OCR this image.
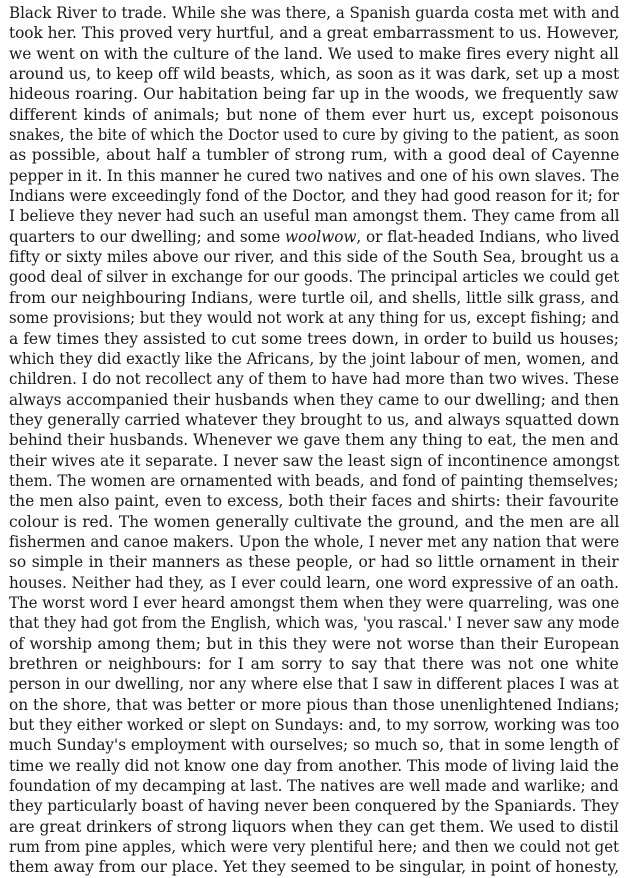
Black River to trade. While she was there, a Spanish guarda costa met with and
took her. This proved very hurtful, and a great embarrassment to us. However,
we went on with the culture of the land. We used to make fires every night all
around us, to keep off wild beasts, which, as soon as it was dark, set up a most
hideous roaring. Our habitation being far up in the woods, we frequently saw
different kinds of animals; but none of them ever hurt us, except poisonous
snakes, the bite of which the Doctor used to cure by giving to the patient, as soon
as possible, about half a tumbler of strong rum, with a good deal of Cayenne
pepper in it. In this manner he cured two natives and one of his own slaves. The
Indians were exceedingly fond of the Doctor, and they had good reason for it; for
I believe they never had such an useful man amongst them. They came from all
quarters to our dwelling; and some woolwow, or flat-headed Indians, who lived
fifty or sixty miles above our river, and this side of the South Sea, brought us a
good deal of silver in exchange for our goods. The principal articles we could get
from our neighbouring Indians, were turtle oil, and shells, little silk grass, and
some provisions; but they would not work at any thing for us, except fishing; and
a few times they assisted to cut some trees down, in order to build us houses;
which they did exactly like the Africans, by the joint labour of men, women, and
children. I do not recollect any of them to have had more than two wives. These
always accompanied their husbands when they came to our dwelling; and then
they generally carried whatever they brought to us, and always squatted down
behind their husbands. Whenever we gave them any thing to eat, the men and
their wives ate it separate. I never saw the least sign of incontinence amongst
them. The women are ornamented with beads, and fond of painting themselves;
the men also paint, even to excess, both their faces and shirts: their favourite
colour is red. The women generally cultivate the ground, and the men are all
fishermen and canoe makers. Upon the whole, I never met any nation that were
so simple in their manners as these people, or had so little ornament in their
houses. Neither had they, as I ever could learn, one word expressive of an oath.
The worst word I ever heard amongst them when they were quarreling, was one
that they had got from the English, which was, 'you rascal.' I never saw any mode
of worship among them; but in this they were not worse than their European
brethren or neighbours: for I am sorry to say that there was not one white
person in our dwelling, nor any where else that I saw in different places I was at
on the shore, that was better or more pious than those unenlightened Indians;
but they either worked or slept on Sundays: and, to my sorrow, working was too
much Sunday's employment with ourselves; so much so, that in some length of
time we really did not know one day from another. This mode of living laid the
foundation of my decamping at last. The natives are well made and warlike; and
they particularly boast of having never been conquered by the Spaniards. They
are great drinkers of strong liquors when they can get them. We used to distil
rum from pine apples, which were very plentiful here; and then we could not get
them away from our place. Yet they seemed to be singular, in point of honesty,
